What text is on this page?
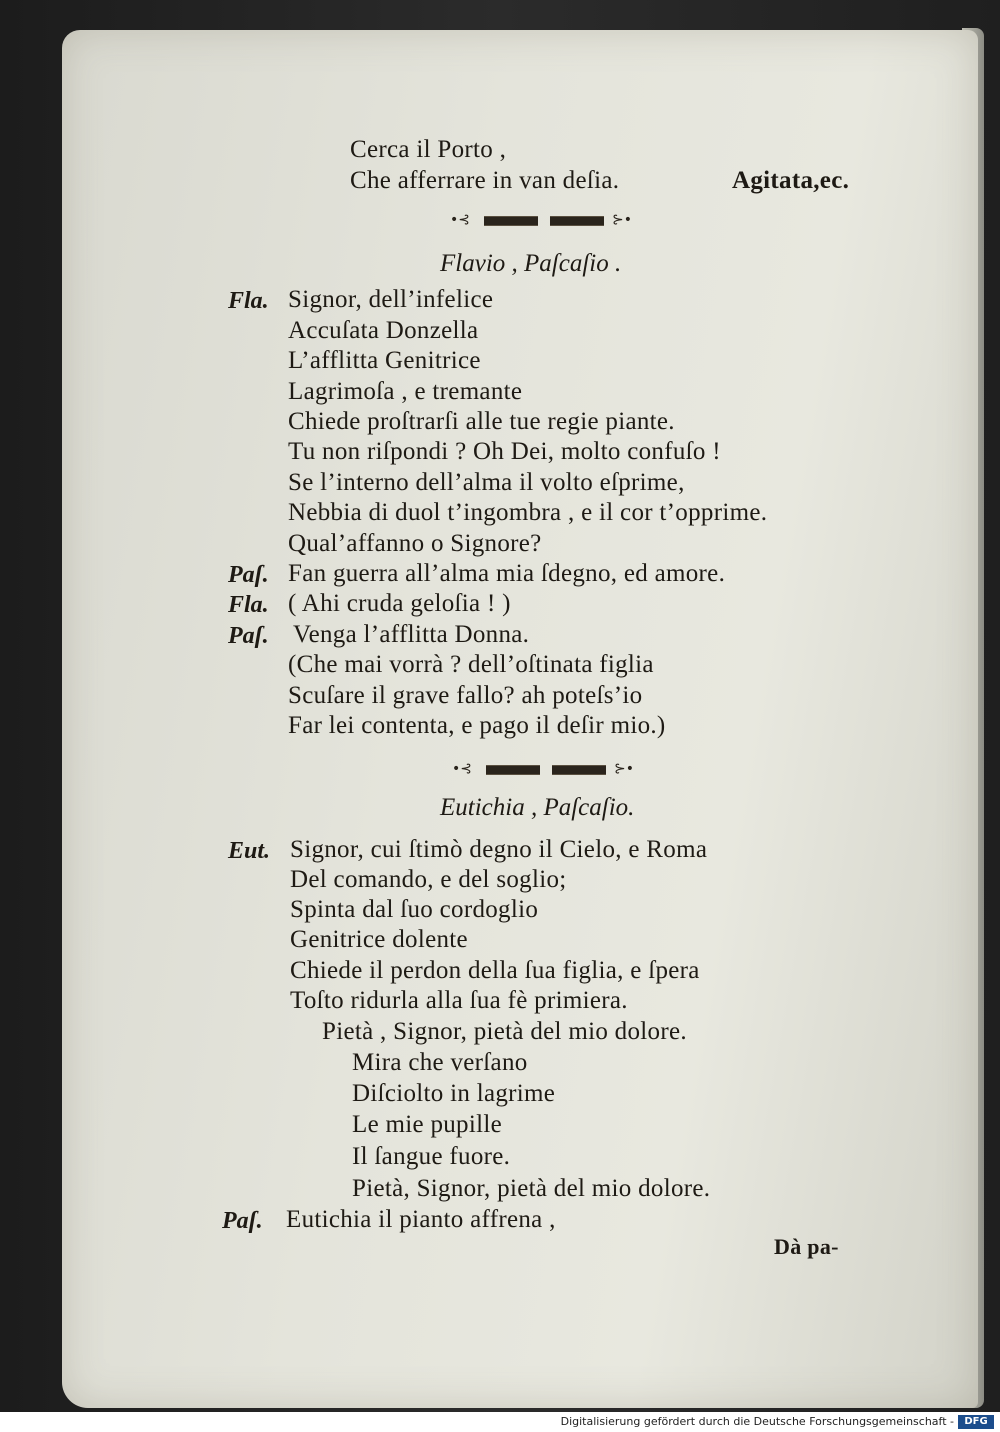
Cerca il Porto ,
Che afferrare in van deſia.	Agitata,ec.
•⊰	⊱•
Flavio , Paſcaſio .
Fla. Signor, dell’infelice
Accuſata Donzella
L’afflitta Genitrice
Lagrimoſa , e tremante
Chiede proſtrarſi alle tue regie piante.
Tu non riſpondi ? Oh Dei, molto confuſo !
Se l’interno dell’alma il volto eſprime,
Nebbia di duol t’ingombra , e il cor t’opprime.
Qual’affanno o Signore?
Paſ. Fan guerra all’alma mia ſdegno, ed amore.
Fla. ( Ahi cruda geloſia ! )
Paſ. Venga l’afflitta Donna.
(Che mai vorrà ? dell’oſtinata figlia
Scuſare il grave fallo? ah poteſs’io
Far lei contenta, e pago il deſir mio.)
•⊰	⊱•
Eutichia , Paſcaſio.
Eut. Signor, cui ſtimò degno il Cielo, e Roma
Del comando, e del soglio;
Spinta dal ſuo cordoglio
Genitrice dolente
Chiede il perdon della ſua figlia, e ſpera
Toſto ridurla alla ſua fè primiera.
Pietà , Signor, pietà del mio dolore.
Mira che verſano
Diſciolto in lagrime
Le mie pupille
Il ſangue fuore.
Pietà, Signor, pietà del mio dolore.
Paſ. Eutichia il pianto affrena ,
Dà pa-
Digitalisierung gefördert durch die Deutsche Forschungsgemeinschaft -	DFG
